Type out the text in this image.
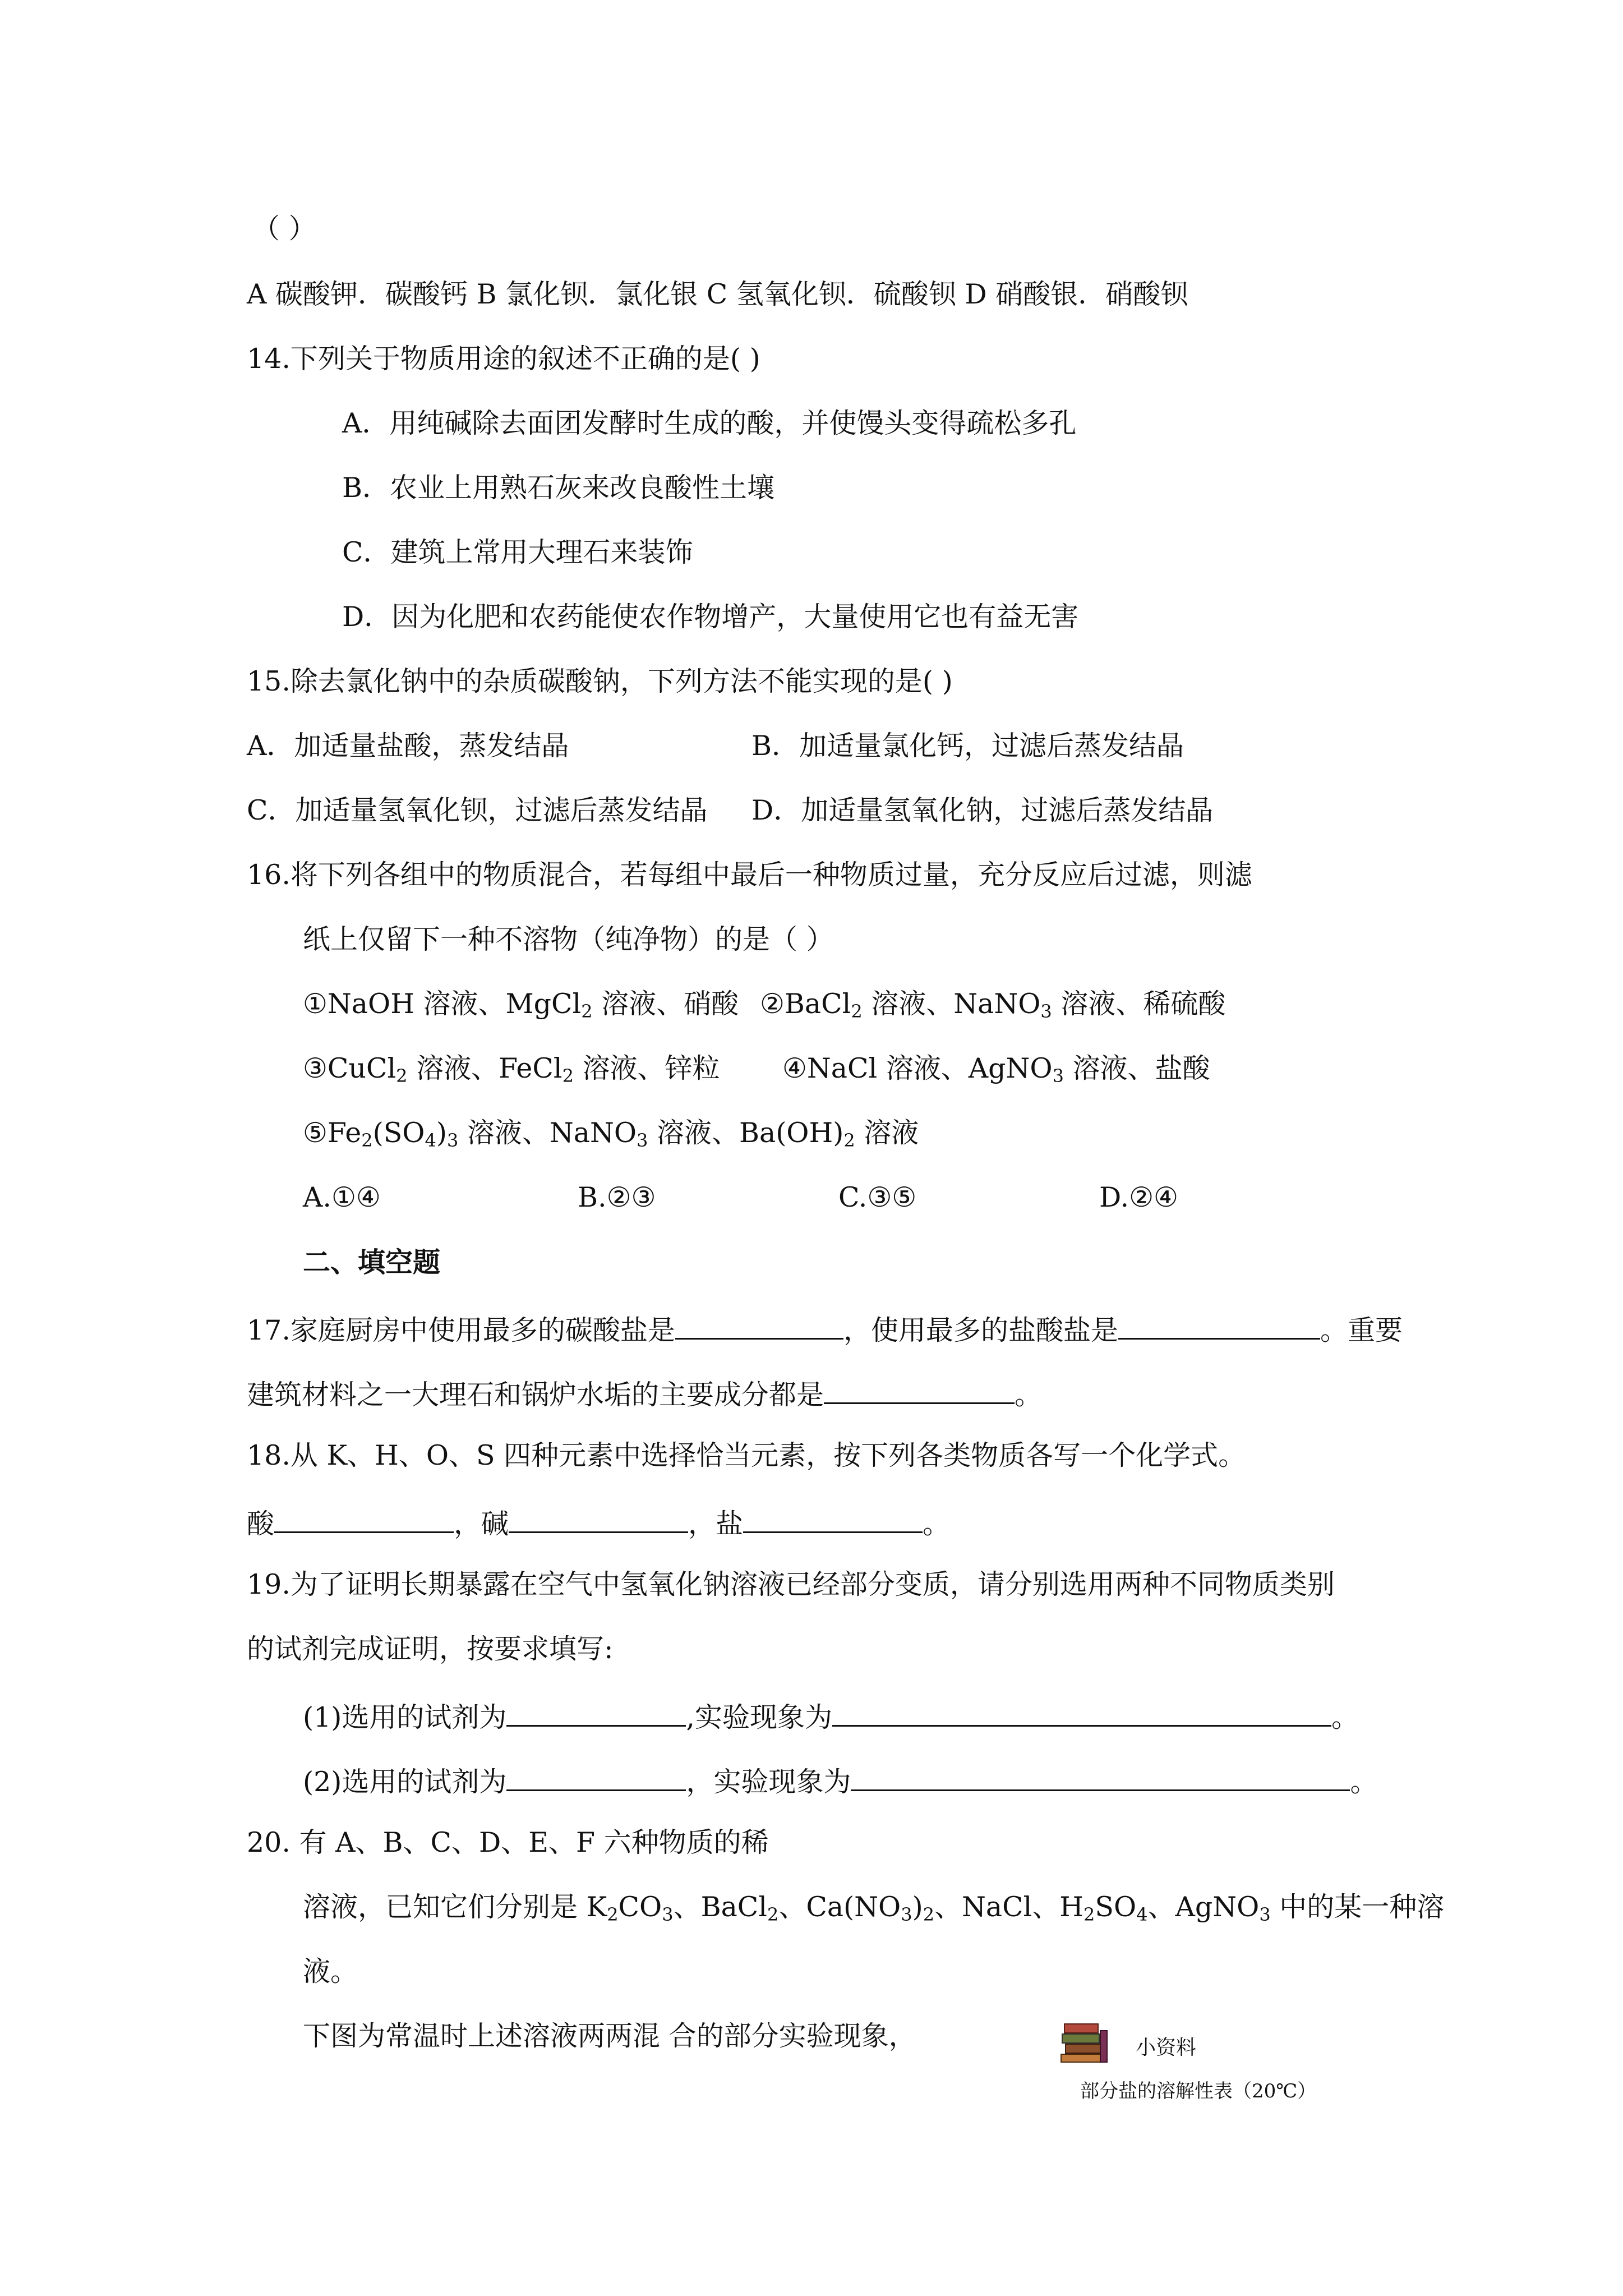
（ ）
A 碳酸钾．碳酸钙 B 氯化钡．氯化银 C 氢氧化钡．硫酸钡 D 硝酸银．硝酸钡
14.下列关于物质用途的叙述不正确的是( )
A．用纯碱除去面团发酵时生成的酸，并使馒头变得疏松多孔
B．农业上用熟石灰来改良酸性土壤
C．建筑上常用大理石来装饰
D．因为化肥和农药能使农作物增产，大量使用它也有益无害
15.除去氯化钠中的杂质碳酸钠，下列方法不能实现的是( )
A．加适量盐酸，蒸发结晶	B．加适量氯化钙，过滤后蒸发结晶
C．加适量氢氧化钡，过滤后蒸发结晶 D．加适量氢氧化钠，过滤后蒸发结晶
16.将下列各组中的物质混合，若每组中最后一种物质过量，充分反应后过滤，则滤
纸上仅留下一种不溶物（纯净物）的是（ ）
①NaOH 溶液、MgCl$_2$ 溶液、硝酸 ②BaCl$_2$ 溶液、NaNO$_3$ 溶液、稀硫酸
③CuCl$_2$ 溶液、FeCl$_2$ 溶液、锌粒 ④NaCl 溶液、AgNO$_3$ 溶液、盐酸
$⑤Fe_2(SO_4)_3$ 溶液、NaNO$_3$ 溶液、$Ba(OH)_2$ 溶液
A.①④	B.②③	C.③⑤	D.②④
二、填空题
17.家庭厨房中使用最多的碳酸盐是	，使用最多的盐酸盐是	。重要
建筑材料之一大理石和锅炉水垢的主要成分都是	。
18.从 K、H、O、S 四种元素中选择恰当元素，按下列各类物质各写一个化学式。
酸	，碱	，盐	。
19.为了证明长期暴露在空气中氢氧化钠溶液已经部分变质，请分别选用两种不同物质类别
的试剂完成证明，按要求填写:
(1)选用的试剂为	,实验现象为	。
(2)选用的试剂为	，实验现象为	。
20. 有 A、B、C、D、E、F 六种物质的稀
溶液，已知它们分别是 $K_2CO_3$、BaCl$_2$、$Ca(NO_3)_2$、NaCl、$H_2SO_4$、AgNO$_3$ 中的某一种溶
液。
下图为常温时上述溶液两两混 合的部分实验现象，	小资料
部分盐的溶解性表（20℃）
